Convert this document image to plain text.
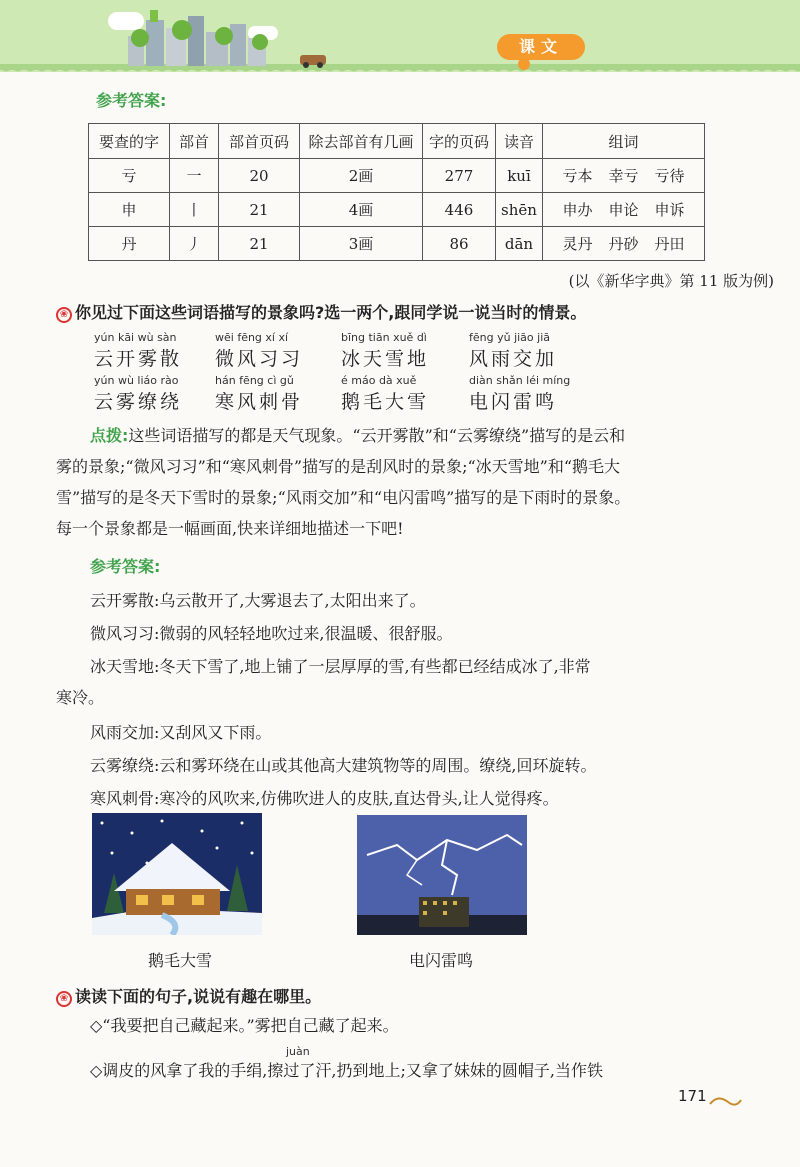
课文
参考答案:
要查的字	部首	部首页码	除去部首有几画	字的页码	读音	组词
亏	一	20	2画	277	kuī	亏本 幸亏 亏待
申	丨	21	4画	446	shēn	申办 申论 申诉
丹	丿	21	3画	86	dān	灵丹 丹砂 丹田
(以《新华字典》第 11 版为例)
❀ 你见过下面这些词语描写的景象吗?选一两个,跟同学说一说当时的情景。
yún kāi wù sàn
云开雾散
wēi fēng xí xí
微风习习
bīng tiān xuě dì
冰天雪地
fēng yǔ jiāo jiā
风雨交加
yún wù liáo rào
云雾缭绕
hán fēng cì gǔ
寒风刺骨
é máo dà xuě
鹅毛大雪
diàn shǎn léi míng
电闪雷鸣
点拨:这些词语描写的都是天气现象。“云开雾散”和“云雾缭绕”描写的是云和
雾的景象;“微风习习”和“寒风刺骨”描写的是刮风时的景象;“冰天雪地”和“鹅毛大
雪”描写的是冬天下雪时的景象;“风雨交加”和“电闪雷鸣”描写的是下雨时的景象。
每一个景象都是一幅画面,快来详细地描述一下吧!
参考答案:
云开雾散:乌云散开了,大雾退去了,太阳出来了。
微风习习:微弱的风轻轻地吹过来,很温暖、很舒服。
冰天雪地:冬天下雪了,地上铺了一层厚厚的雪,有些都已经结成冰了,非常
寒冷。
风雨交加:又刮风又下雨。
云雾缭绕:云和雾环绕在山或其他高大建筑物等的周围。缭绕,回环旋转。
寒风刺骨:寒冷的风吹来,仿佛吹进人的皮肤,直达骨头,让人觉得疼。
鹅毛大雪	电闪雷鸣
❀ 读读下面的句子,说说有趣在哪里。
◇“我要把自己藏起来。”雾把自己藏了起来。
juàn
◇调皮的风拿了我的手绢,擦过了汗,扔到地上;又拿了妹妹的圆帽子,当作铁
171
